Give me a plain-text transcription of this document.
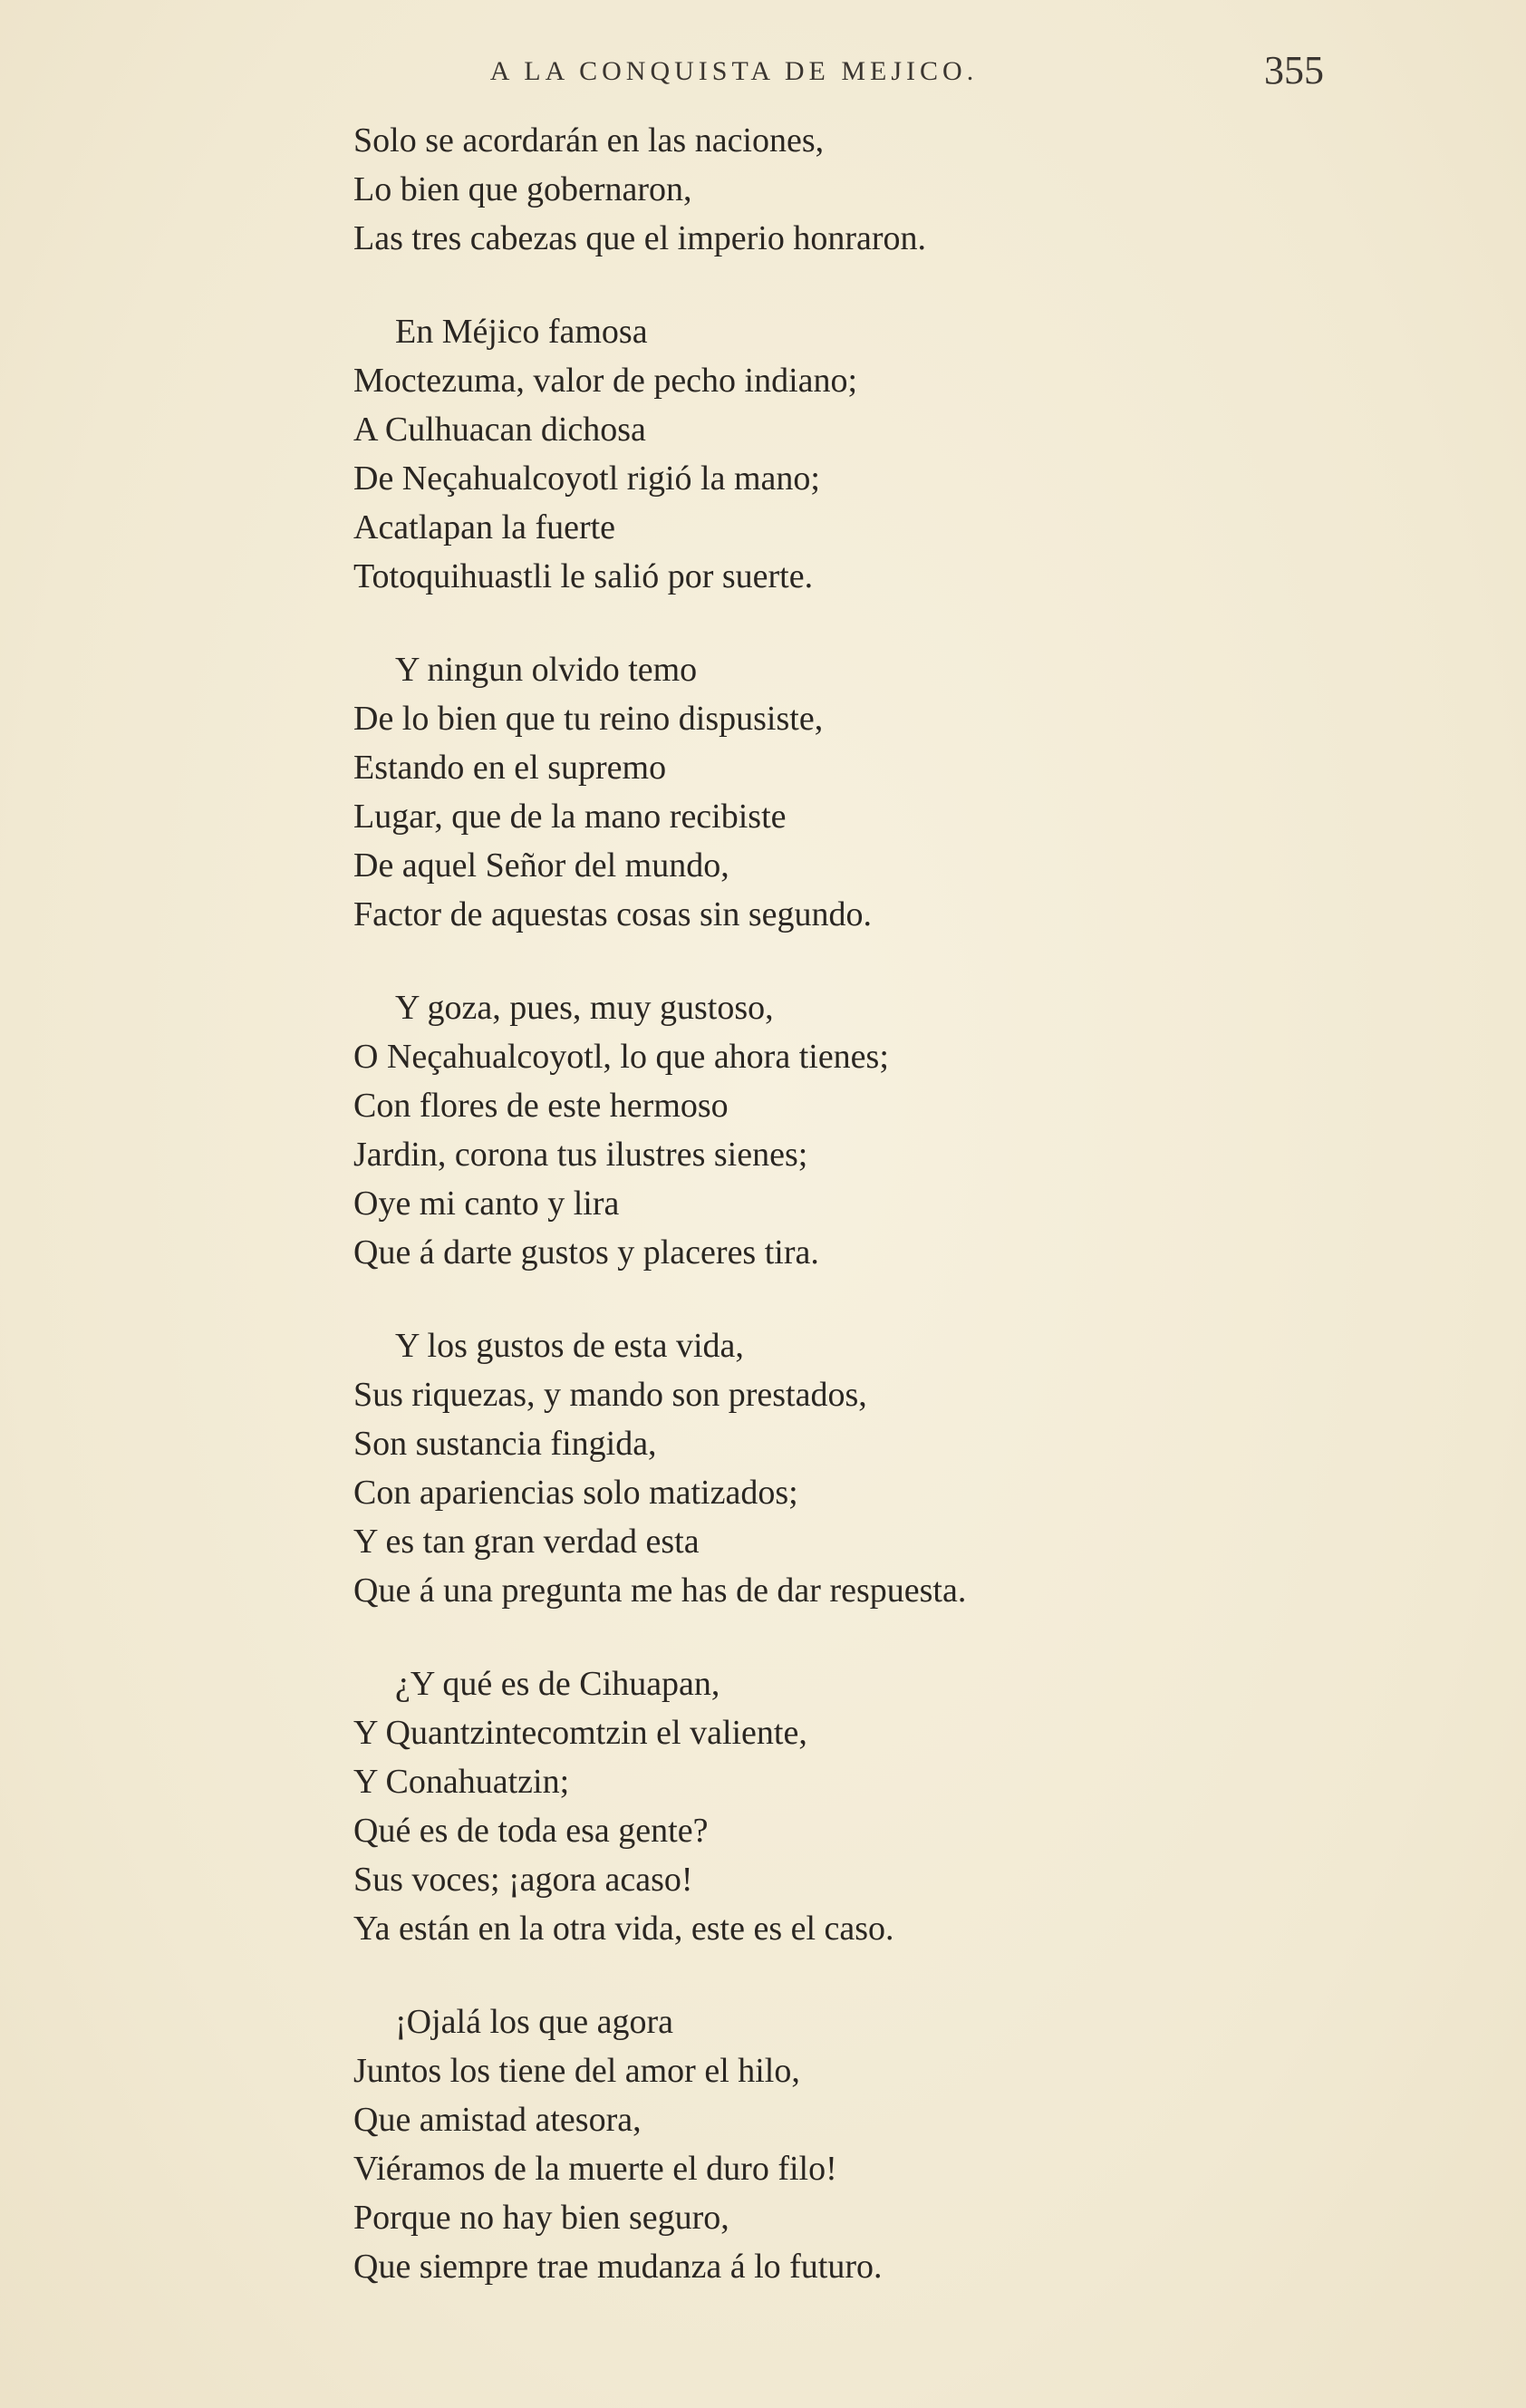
A LA CONQUISTA DE MEJICO.	355
Solo se acordarán en las naciones,
Lo bien que gobernaron,
Las tres cabezas que el imperio honraron.
En Méjico famosa
Moctezuma, valor de pecho indiano;
A Culhuacan dichosa
De Neçahualcoyotl rigió la mano;
Acatlapan la fuerte
Totoquihuastli le salió por suerte.
Y ningun olvido temo
De lo bien que tu reino dispusiste,
Estando en el supremo
Lugar, que de la mano recibiste
De aquel Señor del mundo,
Factor de aquestas cosas sin segundo.
Y goza, pues, muy gustoso,
O Neçahualcoyotl, lo que ahora tienes;
Con flores de este hermoso
Jardin, corona tus ilustres sienes;
Oye mi canto y lira
Que á darte gustos y placeres tira.
Y los gustos de esta vida,
Sus riquezas, y mando son prestados,
Son sustancia fingida,
Con apariencias solo matizados;
Y es tan gran verdad esta
Que á una pregunta me has de dar respuesta.
¿Y qué es de Cihuapan,
Y Quantzintecomtzin el valiente,
Y Conahuatzin;
Qué es de toda esa gente?
Sus voces; ¡agora acaso!
Ya están en la otra vida, este es el caso.
¡Ojalá los que agora
Juntos los tiene del amor el hilo,
Que amistad atesora,
Viéramos de la muerte el duro filo!
Porque no hay bien seguro,
Que siempre trae mudanza á lo futuro.
